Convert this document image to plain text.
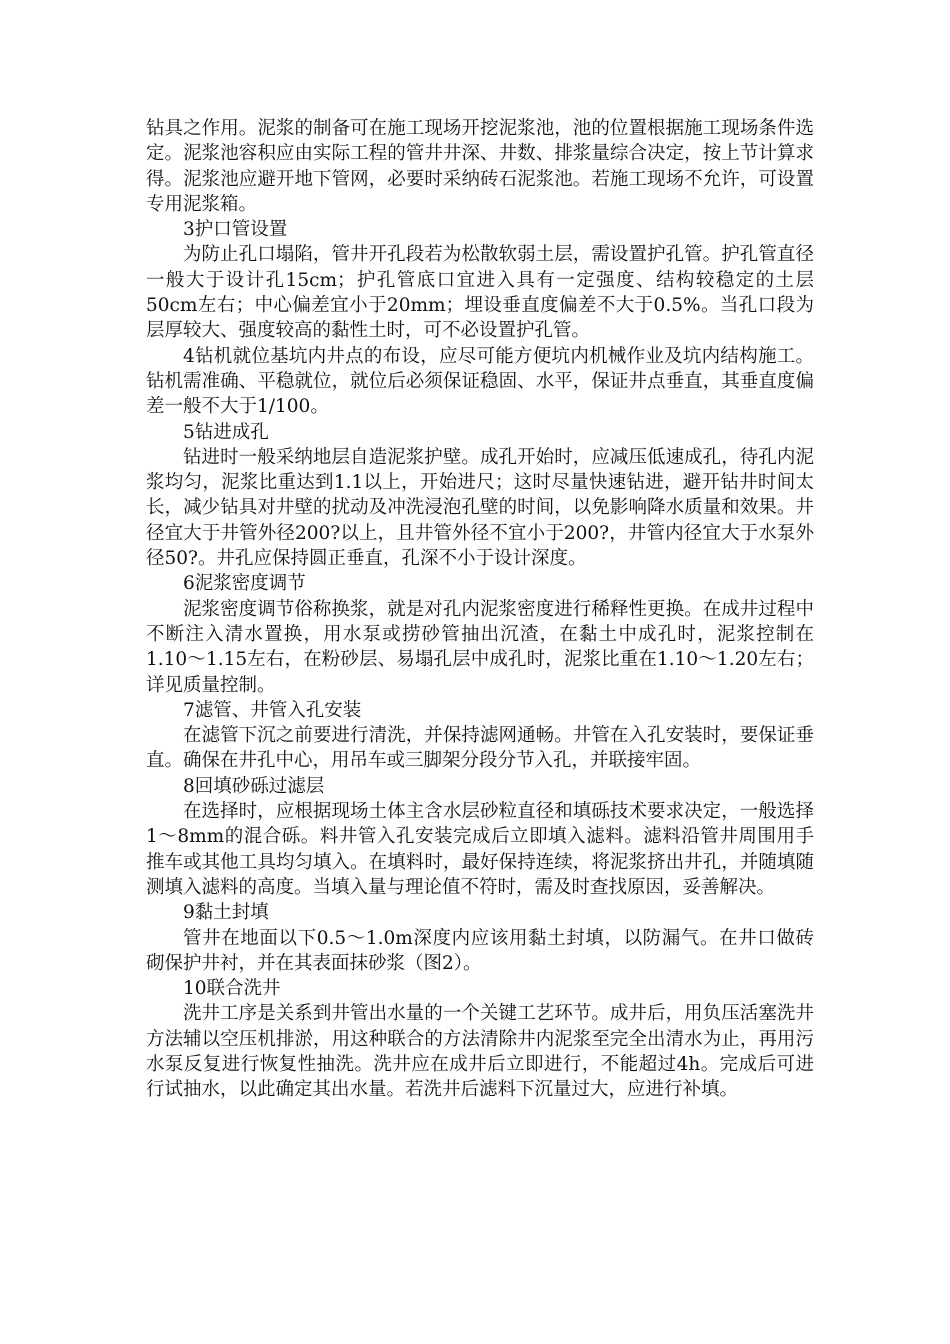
钻具之作用。泥浆的制备可在施工现场开挖泥浆池，池的位置根据施工现场条件选定。泥浆池容积应由实际工程的管井井深、井数、排浆量综合决定，按上节计算求得。泥浆池应避开地下管网，必要时采纳砖石泥浆池。若施工现场不允许，可设置专用泥浆箱。

3护口管设置

为防止孔口塌陷，管井开孔段若为松散软弱土层，需设置护孔管。护孔管直径一般大于设计孔15cm；护孔管底口宜进入具有一定强度、结构较稳定的土层50cm左右；中心偏差宜小于20mm；埋设垂直度偏差不大于0.5%。当孔口段为层厚较大、强度较高的黏性土时，可不必设置护孔管。

4钻机就位基坑内井点的布设，应尽可能方便坑内机械作业及坑内结构施工。钻机需准确、平稳就位，就位后必须保证稳固、水平，保证井点垂直，其垂直度偏差一般不大于1/100。

5钻进成孔

钻进时一般采纳地层自造泥浆护壁。成孔开始时，应减压低速成孔，待孔内泥浆均匀，泥浆比重达到1.1以上，开始进尺；这时尽量快速钻进，避开钻井时间太长，减少钻具对井壁的扰动及冲洗浸泡孔壁的时间，以免影响降水质量和效果。井径宜大于井管外径200?以上，且井管外径不宜小于200?，井管内径宜大于水泵外径50?。井孔应保持圆正垂直，孔深不小于设计深度。

6泥浆密度调节

泥浆密度调节俗称换浆，就是对孔内泥浆密度进行稀释性更换。在成井过程中不断注入清水置换，用水泵或捞砂管抽出沉渣，在黏土中成孔时，泥浆控制在1.10～1.15左右，在粉砂层、易塌孔层中成孔时，泥浆比重在1.10～1.20左右；详见质量控制。

7滤管、井管入孔安装

在滤管下沉之前要进行清洗，并保持滤网通畅。井管在入孔安装时，要保证垂直。确保在井孔中心，用吊车或三脚架分段分节入孔，并联接牢固。

8回填砂砾过滤层

在选择时，应根据现场土体主含水层砂粒直径和填砾技术要求决定，一般选择1～8mm的混合砾。料井管入孔安装完成后立即填入滤料。滤料沿管井周围用手推车或其他工具均匀填入。在填料时，最好保持连续，将泥浆挤出井孔，并随填随测填入滤料的高度。当填入量与理论值不符时，需及时查找原因，妥善解决。

9黏土封填

管井在地面以下0.5～1.0m深度内应该用黏土封填，以防漏气。在井口做砖砌保护井衬，并在其表面抹砂浆（图2）。

10联合洗井

洗井工序是关系到井管出水量的一个关键工艺环节。成井后，用负压活塞洗井方法辅以空压机排淤，用这种联合的方法清除井内泥浆至完全出清水为止，再用污水泵反复进行恢复性抽洗。洗井应在成井后立即进行，不能超过4h。完成后可进行试抽水，以此确定其出水量。若洗井后滤料下沉量过大，应进行补填。
